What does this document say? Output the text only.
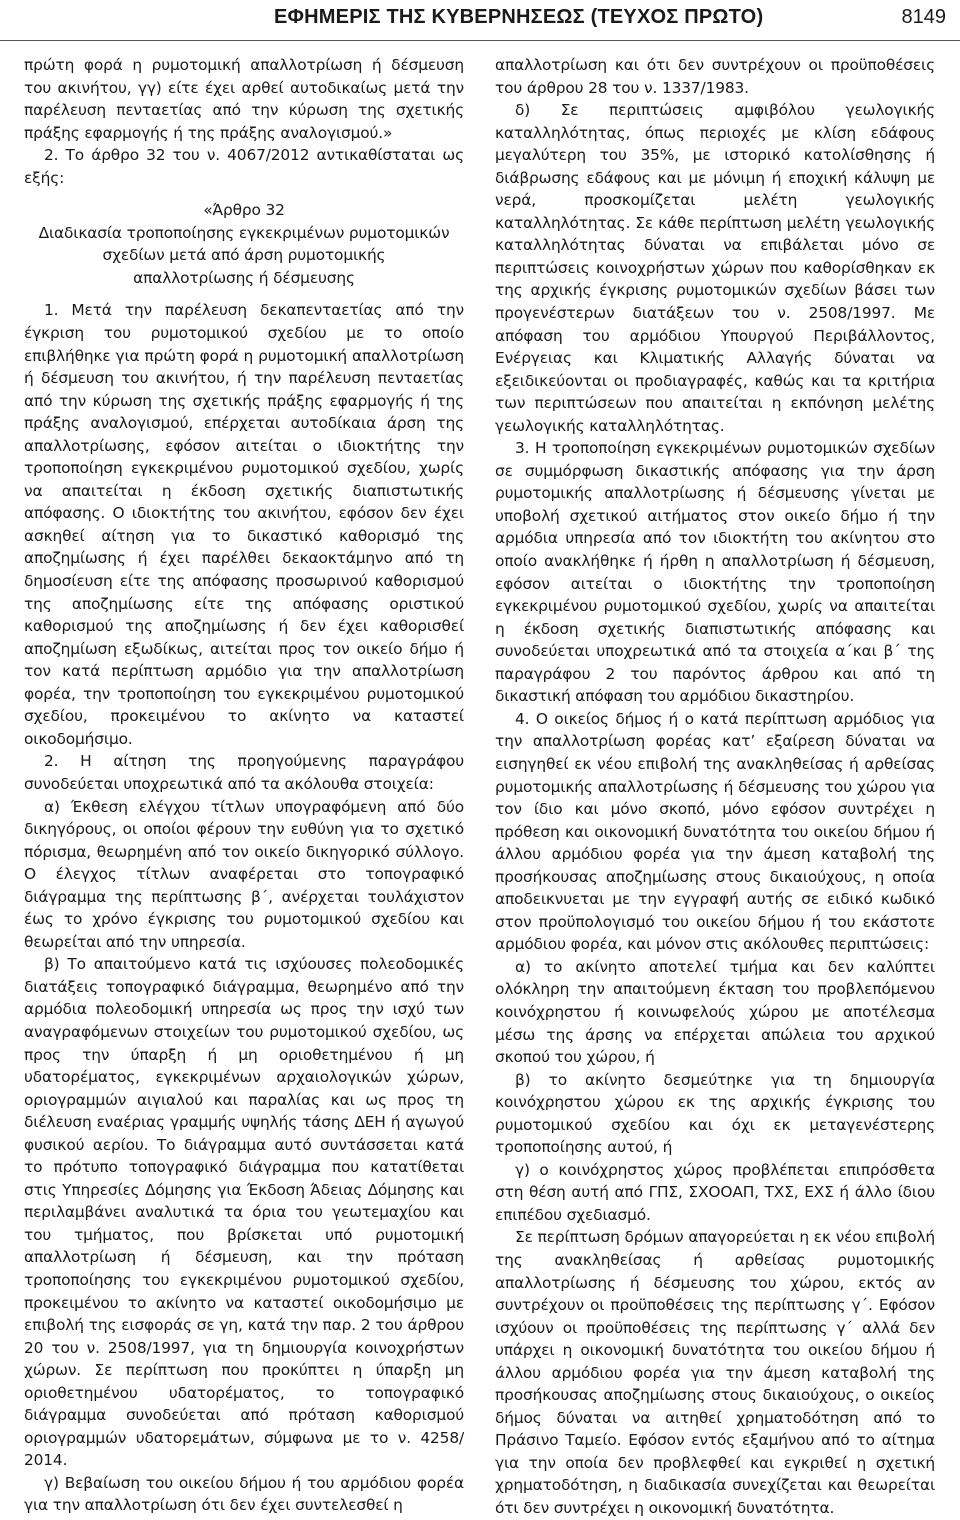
ΕΦΗΜΕΡΙΣ ΤΗΣ ΚΥΒΕΡΝΗΣΕΩΣ (ΤΕΥΧΟΣ ΠΡΩΤΟ)	8149

πρώτη φορά η ρυμοτομική απαλλοτρίωση ή δέσμευση του ακινήτου, γγ) είτε έχει αρθεί αυτοδικαίως μετά την παρέλευση πενταετίας από την κύρωση της σχετικής πράξης εφαρμογής ή της πράξης αναλογισμού.»

2. Το άρθρο 32 του ν. 4067/2012 αντικαθίσταται ως εξής:

«Άρθρο 32
Διαδικασία τροποποίησης εγκεκριμένων ρυμοτομικών
σχεδίων μετά από άρση ρυμοτομικής
απαλλοτρίωσης ή δέσμευσης

1. Μετά την παρέλευση δεκαπενταετίας από την έγκριση του ρυμοτομικού σχεδίου με το οποίο επιβλήθηκε για πρώτη φορά η ρυμοτομική απαλλοτρίωση ή δέσμευση του ακινήτου, ή την παρέλευση πενταετίας από την κύρωση της σχετικής πράξης εφαρμογής ή της πράξης αναλογισμού, επέρχεται αυτοδίκαια άρση της απαλλοτρίωσης, εφόσον αιτείται ο ιδιοκτήτης την τροποποίηση εγκεκριμένου ρυμοτομικού σχεδίου, χωρίς να απαιτείται η έκδοση σχετικής διαπιστωτικής απόφασης. Ο ιδιοκτήτης του ακινήτου, εφόσον δεν έχει ασκηθεί αίτηση για το δικαστικό καθορισμό της αποζημίωσης ή έχει παρέλθει δεκαοκτάμηνο από τη δημοσίευση είτε της απόφασης προσωρινού καθορισμού της αποζημίωσης είτε της απόφασης οριστικού καθορισμού της αποζημίωσης ή δεν έχει καθορισθεί αποζημίωση εξωδίκως, αιτείται προς τον οικείο δήμο ή τον κατά περίπτωση αρμόδιο για την απαλλοτρίωση φορέα, την τροποποίηση του εγκεκριμένου ρυμοτομικού σχεδίου, προκειμένου το ακίνητο να καταστεί οικοδομήσιμο.

2. Η αίτηση της προηγούμενης παραγράφου συνοδεύεται υποχρεωτικά από τα ακόλουθα στοιχεία:

α) Έκθεση ελέγχου τίτλων υπογραφόμενη από δύο δικηγόρους, οι οποίοι φέρουν την ευθύνη για το σχετικό πόρισμα, θεωρημένη από τον οικείο δικηγορικό σύλλογο. Ο έλεγχος τίτλων αναφέρεται στο τοπογραφικό διάγραμμα της περίπτωσης β΄, ανέρχεται τουλάχιστον έως το χρόνο έγκρισης του ρυμοτομικού σχεδίου και θεωρείται από την υπηρεσία.

β) Το απαιτούμενο κατά τις ισχύουσες πολεοδομικές διατάξεις τοπογραφικό διάγραμμα, θεωρημένο από την αρμόδια πολεοδομική υπηρεσία ως προς την ισχύ των αναγραφόμενων στοιχείων του ρυμοτομικού σχεδίου, ως προς την ύπαρξη ή μη οριοθετημένου ή μη υδατορέματος, εγκεκριμένων αρχαιολογικών χώρων, οριογραμμών αιγιαλού και παραλίας και ως προς τη διέλευση εναέριας γραμμής υψηλής τάσης ΔΕΗ ή αγωγού φυσικού αερίου. Το διάγραμμα αυτό συντάσσεται κατά το πρότυπο τοπογραφικό διάγραμμα που κατατίθεται στις Υπηρεσίες Δόμησης για Έκδοση Άδειας Δόμησης και περιλαμβάνει αναλυτικά τα όρια του γεωτεμαχίου και του τμήματος, που βρίσκεται υπό ρυμοτομική απαλλοτρίωση ή δέσμευση, και την πρόταση τροποποίησης του εγκεκριμένου ρυμοτομικού σχεδίου, προκειμένου το ακίνητο να καταστεί οικοδομήσιμο με επιβολή της εισφοράς σε γη, κατά την παρ. 2 του άρθρου 20 του ν. 2508/1997, για τη δημιουργία κοινοχρήστων χώρων. Σε περίπτωση που προκύπτει η ύπαρξη μη οριοθετημένου υδατορέματος, το τοπογραφικό διάγραμμα συνοδεύεται από πρόταση καθορισμού οριογραμμών υδατορεμάτων, σύμφωνα με το ν. 4258/ 2014.

γ) Βεβαίωση του οικείου δήμου ή του αρμόδιου φορέα για την απαλλοτρίωση ότι δεν έχει συντελεσθεί η

απαλλοτρίωση και ότι δεν συντρέχουν οι προϋποθέσεις του άρθρου 28 του ν. 1337/1983.

δ) Σε περιπτώσεις αμφιβόλου γεωλογικής καταλληλότητας, όπως περιοχές με κλίση εδάφους μεγαλύτερη του 35%, με ιστορικό κατολίσθησης ή διάβρωσης εδάφους και με μόνιμη ή εποχική κάλυψη με νερά, προσκομίζεται μελέτη γεωλογικής καταλληλότητας. Σε κάθε περίπτωση μελέτη γεωλογικής καταλληλότητας δύναται να επιβάλεται μόνο σε περιπτώσεις κοινοχρήστων χώρων που καθορίσθηκαν εκ της αρχικής έγκρισης ρυμοτομικών σχεδίων βάσει των προγενέστερων διατάξεων του ν. 2508/1997. Με απόφαση του αρμόδιου Υπουργού Περιβάλλοντος, Ενέργειας και Κλιματικής Αλλαγής δύναται να εξειδικεύονται οι προδιαγραφές, καθώς και τα κριτήρια των περιπτώσεων που απαιτείται η εκπόνηση μελέτης γεωλογικής καταλληλότητας.

3. Η τροποποίηση εγκεκριμένων ρυμοτομικών σχεδίων σε συμμόρφωση δικαστικής απόφασης για την άρση ρυμοτομικής απαλλοτρίωσης ή δέσμευσης γίνεται με υποβολή σχετικού αιτήματος στον οικείο δήμο ή την αρμόδια υπηρεσία από τον ιδιοκτήτη του ακίνητου στο οποίο ανακλήθηκε ή ήρθη η απαλλοτρίωση ή δέσμευση, εφόσον αιτείται ο ιδιοκτήτης την τροποποίηση εγκεκριμένου ρυμοτομικού σχεδίου, χωρίς να απαιτείται η έκδοση σχετικής διαπιστωτικής απόφασης και συνοδεύεται υποχρεωτικά από τα στοιχεία α΄και β΄ της παραγράφου 2 του παρόντος άρθρου και από τη δικαστική απόφαση του αρμόδιου δικαστηρίου.

4. Ο οικείος δήμος ή ο κατά περίπτωση αρμόδιος για την απαλλοτρίωση φορέας κατ’ εξαίρεση δύναται να εισηγηθεί εκ νέου επιβολή της ανακληθείσας ή αρθείσας ρυμοτομικής απαλλοτρίωσης ή δέσμευσης του χώρου για τον ίδιο και μόνο σκοπό, μόνο εφόσον συντρέχει η πρόθεση και οικονομική δυνατότητα του οικείου δήμου ή άλλου αρμόδιου φορέα για την άμεση καταβολή της προσήκουσας αποζημίωσης στους δικαιούχους, η οποία αποδεικνυεται με την εγγραφή αυτής σε ειδικό κωδικό στον προϋπολογισμό του οικείου δήμου ή του εκάστοτε αρμόδιου φορέα, και μόνον στις ακόλουθες περιπτώσεις:

α) το ακίνητο αποτελεί τμήμα και δεν καλύπτει ολόκληρη την απαιτούμενη έκταση του προβλεπόμενου κοινόχρηστου ή κοινωφελούς χώρου με αποτέλεσμα μέσω της άρσης να επέρχεται απώλεια του αρχικού σκοπού του χώρου, ή

β) το ακίνητο δεσμεύτηκε για τη δημιουργία κοινόχρηστου χώρου εκ της αρχικής έγκρισης του ρυμοτομικού σχεδίου και όχι εκ μεταγενέστερης τροποποίησης αυτού, ή

γ) ο κοινόχρηστος χώρος προβλέπεται επιπρόσθετα στη θέση αυτή από ΓΠΣ, ΣΧΟΟΑΠ, ΤΧΣ, ΕΧΣ ή άλλο ίδιου επιπέδου σχεδιασμό.

Σε περίπτωση δρόμων απαγορεύεται η εκ νέου επιβολή της ανακληθείσας ή αρθείσας ρυμοτομικής απαλλοτρίωσης ή δέσμευσης του χώρου, εκτός αν συντρέχουν οι προϋποθέσεις της περίπτωσης γ΄. Εφόσον ισχύουν οι προϋποθέσεις της περίπτωσης γ΄ αλλά δεν υπάρχει η οικονομική δυνατότητα του οικείου δήμου ή άλλου αρμόδιου φορέα για την άμεση καταβολή της προσήκουσας αποζημίωσης στους δικαιούχους, ο οικείος δήμος δύναται να αιτηθεί χρηματοδότηση από το Πράσινο Ταμείο. Εφόσον εντός εξαμήνου από το αίτημα για την οποία δεν προβλεφθεί και εγκριθεί η σχετική χρηματοδότηση, η διαδικασία συνεχίζεται και θεωρείται ότι δεν συντρέχει η οικονομική δυνατότητα.
